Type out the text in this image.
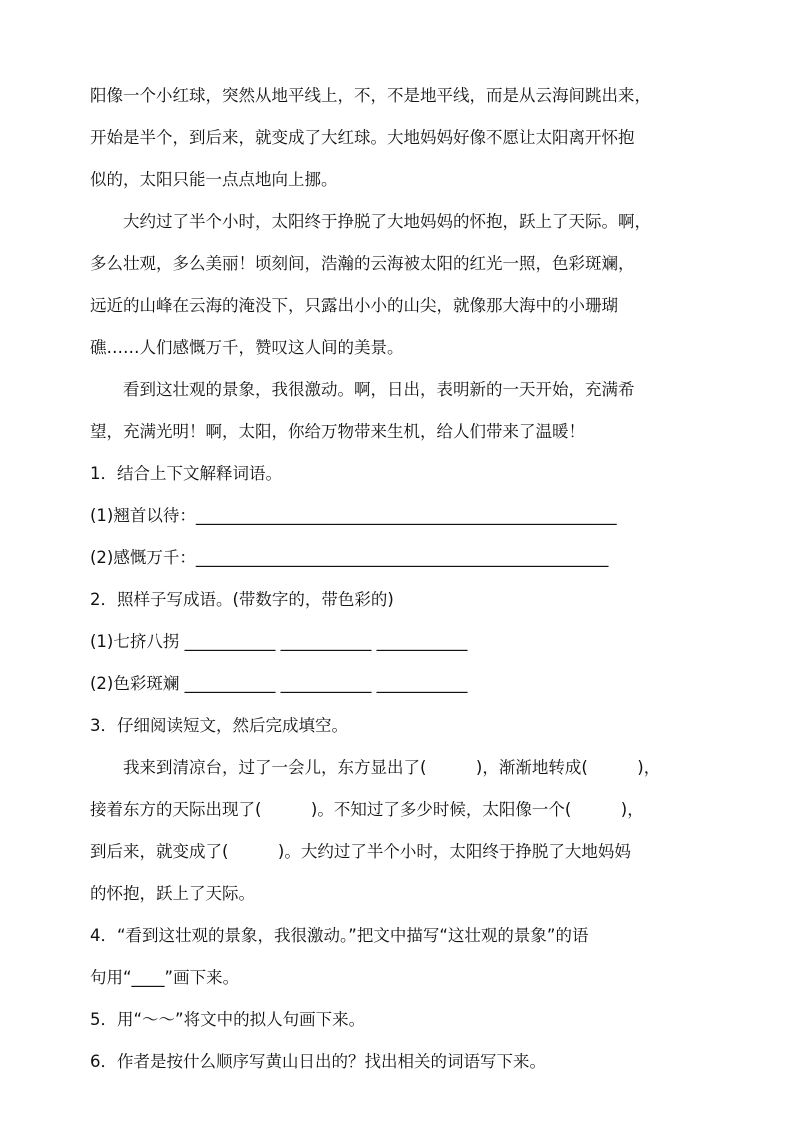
阳像一个小红球，突然从地平线上，不，不是地平线，而是从云海间跳出来，
开始是半个，到后来，就变成了大红球。大地妈妈好像不愿让太阳离开怀抱
似的，太阳只能一点点地向上挪。
大约过了半个小时，太阳终于挣脱了大地妈妈的怀抱，跃上了天际。啊，
多么壮观，多么美丽！顷刻间，浩瀚的云海被太阳的红光一照，色彩斑斓，
远近的山峰在云海的淹没下，只露出小小的山尖，就像那大海中的小珊瑚
礁……人们感慨万千，赞叹这人间的美景。
看到这壮观的景象，我很激动。啊，日出，表明新的一天开始，充满希
望，充满光明！啊，太阳，你给万物带来生机，给人们带来了温暖！
1．结合上下文解释词语。
(1)翘首以待：___________________________________________________
(2)感慨万千：__________________________________________________
2．照样子写成语。(带数字的，带色彩的)
(1)七挤八拐 ___________ ___________ ___________
(2)色彩斑斓 ___________ ___________ ___________
3．仔细阅读短文，然后完成填空。
我来到清凉台，过了一会儿，东方显出了(　　　)，渐渐地转成(　　　)，
接着东方的天际出现了(　　　)。不知过了多少时候，太阳像一个(　　　)，
到后来，就变成了(　　　)。大约过了半个小时，太阳终于挣脱了大地妈妈
的怀抱，跃上了天际。
4．“看到这壮观的景象，我很激动。”把文中描写“这壮观的景象”的语
句用“____”画下来。
5．用“～～”将文中的拟人句画下来。
6．作者是按什么顺序写黄山日出的？找出相关的词语写下来。
